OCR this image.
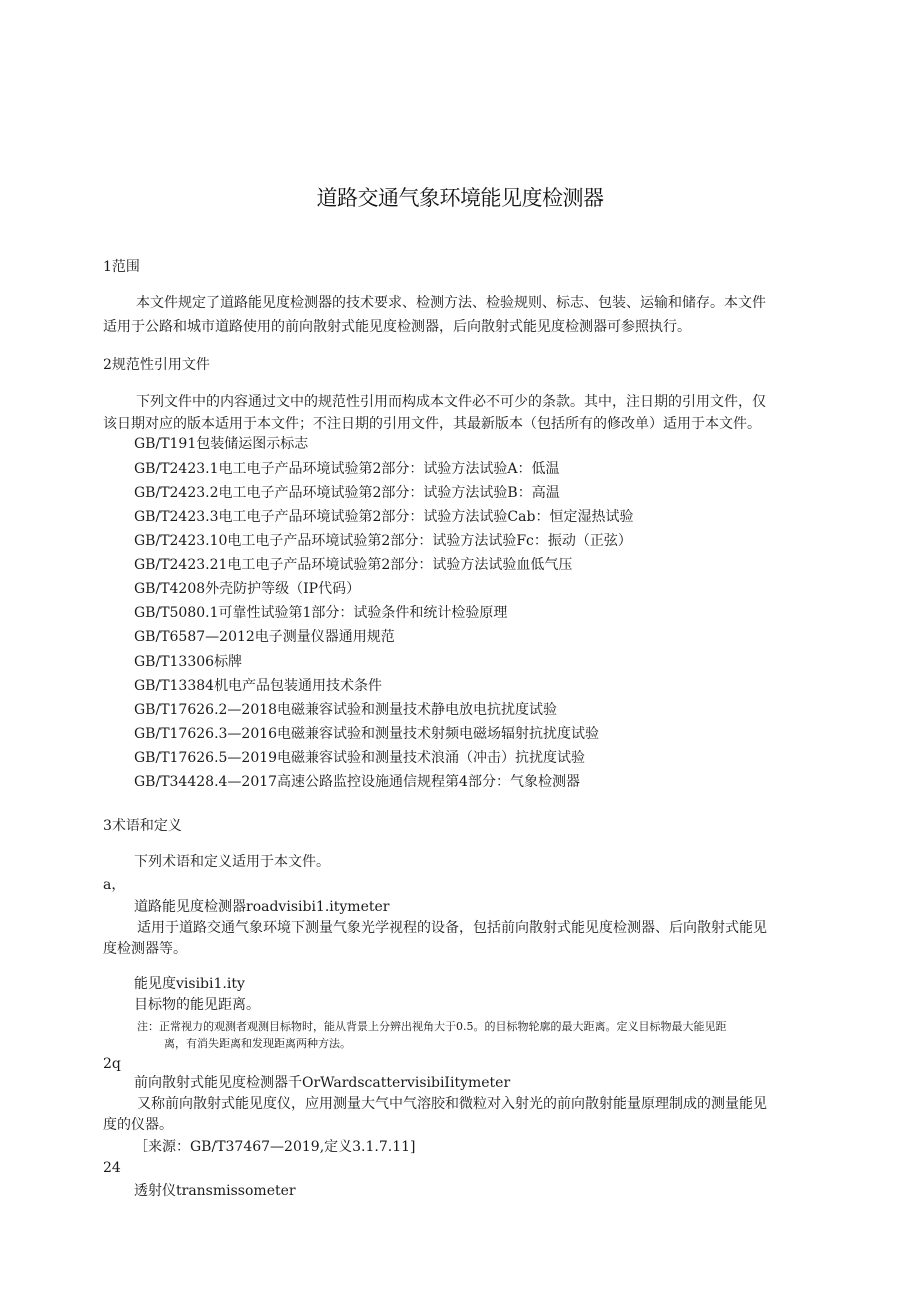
道路交通气象环境能见度检测器
1范围
本文件规定了道路能见度检测器的技术要求、检测方法、检验规则、标志、包装、运输和储存。本文件
适用于公路和城市道路使用的前向散射式能见度检测器，后向散射式能见度检测器可参照执行。
2规范性引用文件
下列文件中的内容通过文中的规范性引用而构成本文件必不可少的条款。其中，注日期的引用文件，仅
该日期对应的版本适用于本文件；不注日期的引用文件，其最新版本（包括所有的修改单）适用于本文件。
GB/T191包装储运图示标志
GB/T2423.1电工电子产品环境试验第2部分：试验方法试验A：低温
GB/T2423.2电工电子产品环境试验第2部分：试验方法试验B：高温
GB/T2423.3电工电子产品环境试验第2部分：试验方法试验Cab：恒定湿热试验
GB/T2423.10电工电子产品环境试验第2部分：试验方法试验Fc：振动（正弦）
GB/T2423.21电工电子产品环境试验第2部分：试验方法试验血低气压
GB/T4208外壳防护等级（IP代码）
GB/T5080.1可靠性试验第1部分：试验条件和统计检验原理
GB/T6587—2012电子测量仪器通用规范
GB/T13306标牌
GB/T13384机电产品包装通用技术条件
GB/T17626.2—2018电磁兼容试验和测量技术静电放电抗扰度试验
GB/T17626.3—2016电磁兼容试验和测量技术射频电磁场辐射抗扰度试验
GB/T17626.5—2019电磁兼容试验和测量技术浪涌（冲击）抗扰度试验
GB/T34428.4—2017高速公路监控设施通信规程第4部分：气象检测器
3术语和定义
下列术语和定义适用于本文件。
a，
道路能见度检测器roadvisibi1.itymeter
适用于道路交通气象环境下测量气象光学视程的设备，包括前向散射式能见度检测器、后向散射式能见
度检测器等。
能见度visibi1.ity
目标物的能见距离。
注：正常视力的观测者观测目标物时，能从背景上分辨出视角大于0.5。的目标物轮廓的最大距离。定义目标物最大能见距
离，有消失距离和发现距离两种方法。
2q
前向散射式能见度检测器千OrWardscattervisibiIitymeter
又称前向散射式能见度仪，应用测量大气中气溶胶和微粒对入射光的前向散射能量原理制成的测量能见
度的仪器。
［来源：GB/T37467—2019,定义3.1.7.11]
24
透射仪transmissometer
